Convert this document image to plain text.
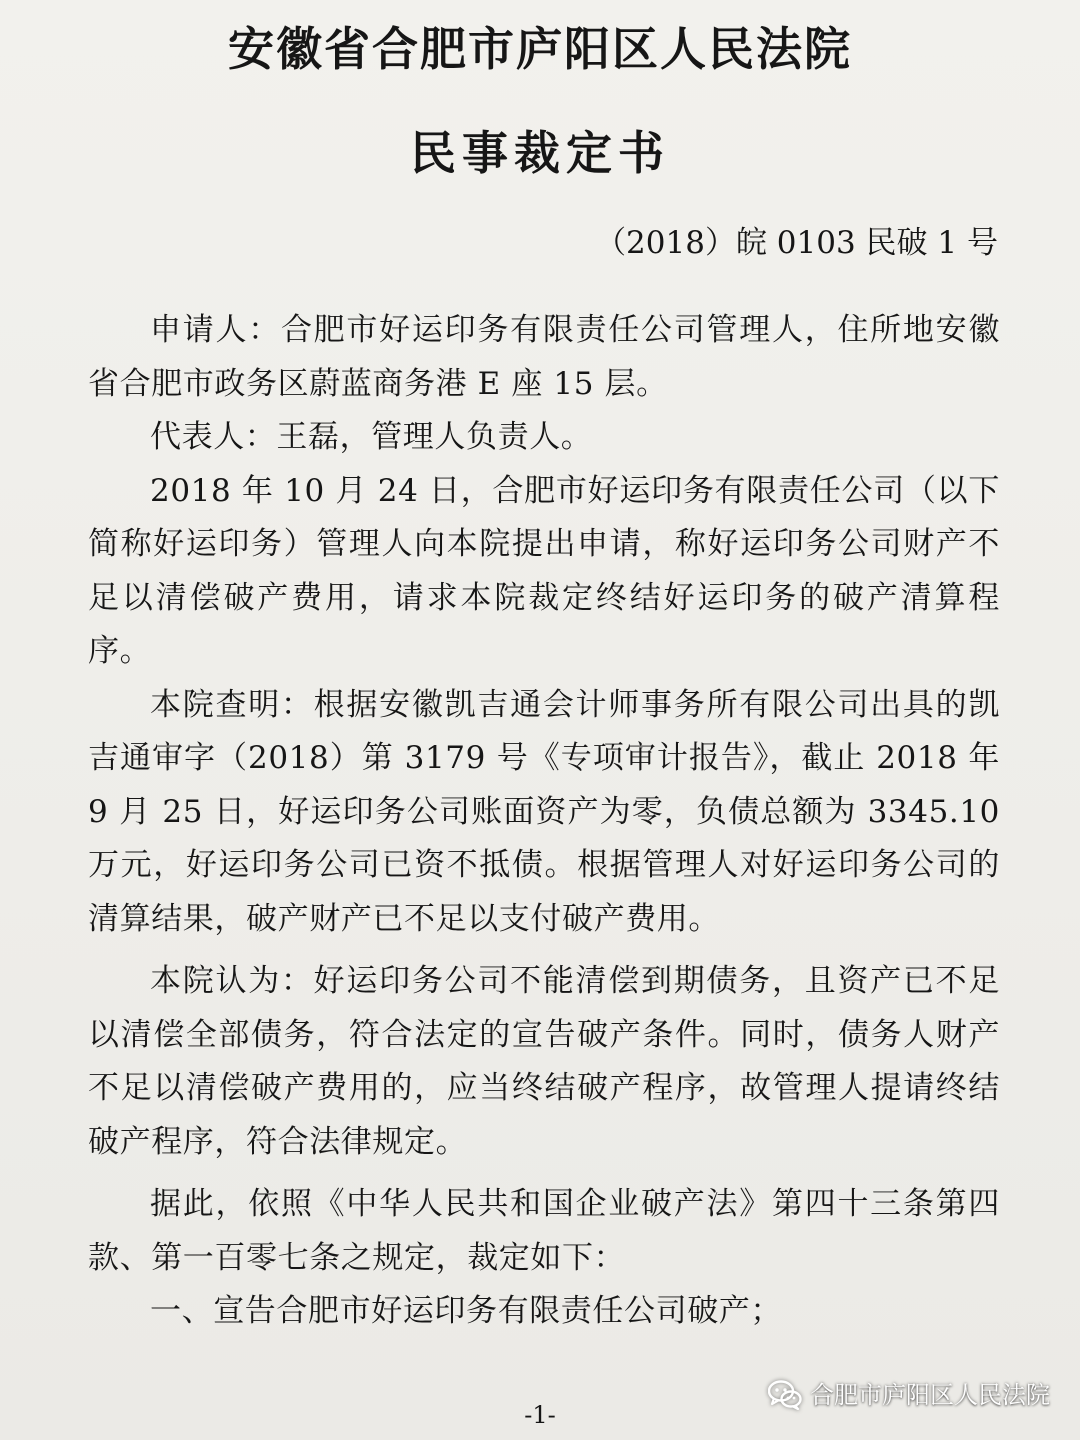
安徽省合肥市庐阳区人民法院
民事裁定书

（2018）皖 0103 民破 1 号

申请人：合肥市好运印务有限责任公司管理人，住所地安徽省合肥市政务区蔚蓝商务港 E 座 15 层。

代表人：王磊，管理人负责人。

2018 年 10 月 24 日，合肥市好运印务有限责任公司（以下简称好运印务）管理人向本院提出申请，称好运印务公司财产不足以清偿破产费用，请求本院裁定终结好运印务的破产清算程序。

本院查明：根据安徽凯吉通会计师事务所有限公司出具的凯吉通审字（2018）第 3179 号《专项审计报告》，截止 2018 年 9 月 25 日，好运印务公司账面资产为零，负债总额为 3345.10 万元，好运印务公司已资不抵债。根据管理人对好运印务公司的清算结果，破产财产已不足以支付破产费用。

本院认为：好运印务公司不能清偿到期债务，且资产已不足以清偿全部债务，符合法定的宣告破产条件。同时，债务人财产不足以清偿破产费用的，应当终结破产程序，故管理人提请终结破产程序，符合法律规定。

据此，依照《中华人民共和国企业破产法》第四十三条第四款、第一百零七条之规定，裁定如下：

一、宣告合肥市好运印务有限责任公司破产；

-1-

合肥市庐阳区人民法院
